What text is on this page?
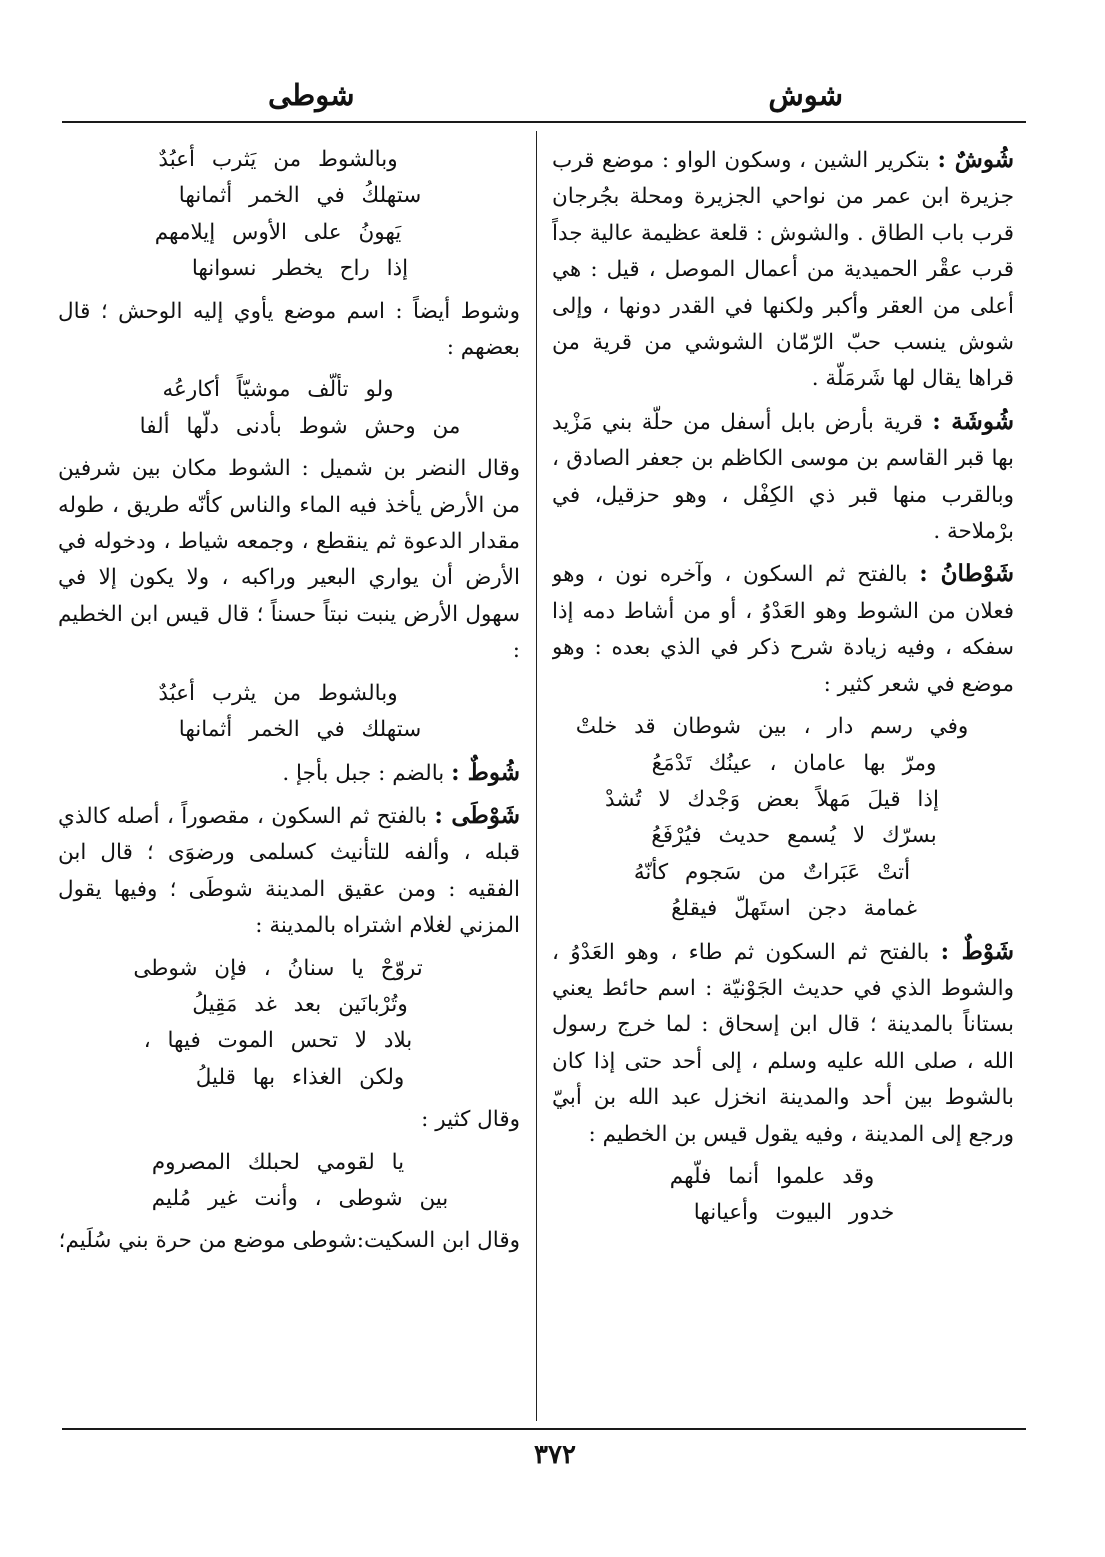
شوش
شوطى
شُوشٌ : بتكرير الشين ، وسكون الواو : موضع قرب جزيرة ابن عمر من نواحي الجزيرة ومحلة بجُرجان قرب باب الطاق . والشوش : قلعة عظيمة عالية جداً قرب عقْر الحميدية من أعمال الموصل ، قيل : هي أعلى من العقر وأكبر ولكنها في القدر دونها ، وإلى شوش ينسب حبّ الرّمّان الشوشي من قرية من قراها يقال لها شَرمَلّة .
شُوشَة : قرية بأرض بابل أسفل من حلّة بني مَزْيد بها قبر القاسم بن موسى الكاظم بن جعفر الصادق ، وبالقرب منها قبر ذي الكِفْل ، وهو حزقيل، في برْملاحة .
شَوْطانُ : بالفتح ثم السكون ، وآخره نون ، وهو فعلان من الشوط وهو العَدْوُ ، أو من أشاط دمه إذا سفكه ، وفيه زيادة شرح ذكر في الذي بعده : وهو موضع في شعر كثير :
وفي رسم دار ، بين شوطان قد خلتْ
ومرّ بها عامان ، عينُك تَدْمَعُ
إذا قيلَ مَهلاً بعض وَجْدك لا تُشدْ
بسرّك لا يُسمع حديث فيُرْفَعُ
أتتْ عَبَراتٌ من سَجوم كأنّهُ
غمامة دجن استَهلّ فيقلعُ
شَوْطٌ : بالفتح ثم السكون ثم طاء ، وهو العَدْوُ ، والشوط الذي في حديث الجَوْنيّة : اسم حائط يعني بستاناً بالمدينة ؛ قال ابن إسحاق : لما خرج رسول الله ، صلى الله عليه وسلم ، إلى أحد حتى إذا كان بالشوط بين أحد والمدينة انخزل عبد الله بن أبيّ ورجع إلى المدينة ، وفيه يقول قيس بن الخطيم :
وقد علموا أنما فلّهم
خدور البيوت وأعيانها
وبالشوط من يَثرب أعبُدٌ
ستهلكُ في الخمر أثمانها
يَهونُ على الأوس إيلامهم
إذا راح يخطر نسوانها
وشوط أيضاً : اسم موضع يأوي إليه الوحش ؛ قال بعضهم :
ولو تألّف موشيّاً أكارعُه
من وحش شوط بأدنى دلّها ألفا
وقال النضر بن شميل : الشوط مكان بين شرفين من الأرض يأخذ فيه الماء والناس كأنّه طريق ، طوله مقدار الدعوة ثم ينقطع ، وجمعه شياط ، ودخوله في الأرض أن يواري البعير وراكبه ، ولا يكون إلا في سهول الأرض ينبت نبتاً حسناً ؛ قال قيس ابن الخطيم :
وبالشوط من يثرب أعبُدٌ
ستهلك في الخمر أثمانها
شُوطٌ : بالضم : جبل بأجإ .
شَوْطَى : بالفتح ثم السكون ، مقصوراً ، أصله كالذي قبله ، وألفه للتأنيث كسلمى ورضوَى ؛ قال ابن الفقيه : ومن عقيق المدينة شوطَى ؛ وفيها يقول المزني لغلام اشتراه بالمدينة :
تروّحْ يا سنانُ ، فإن شوطى
وتُرْبانَين بعد غد مَقِيلُ
بلاد لا تحس الموت فيها ،
ولكن الغذاء بها قليلُ
وقال كثير :
يا لقومي لحبلك المصروم
بين شوطى ، وأنت غير مُليم
وقال ابن السكيت:شوطى موضع من حرة بني سُلَيم؛
٣٧٢
